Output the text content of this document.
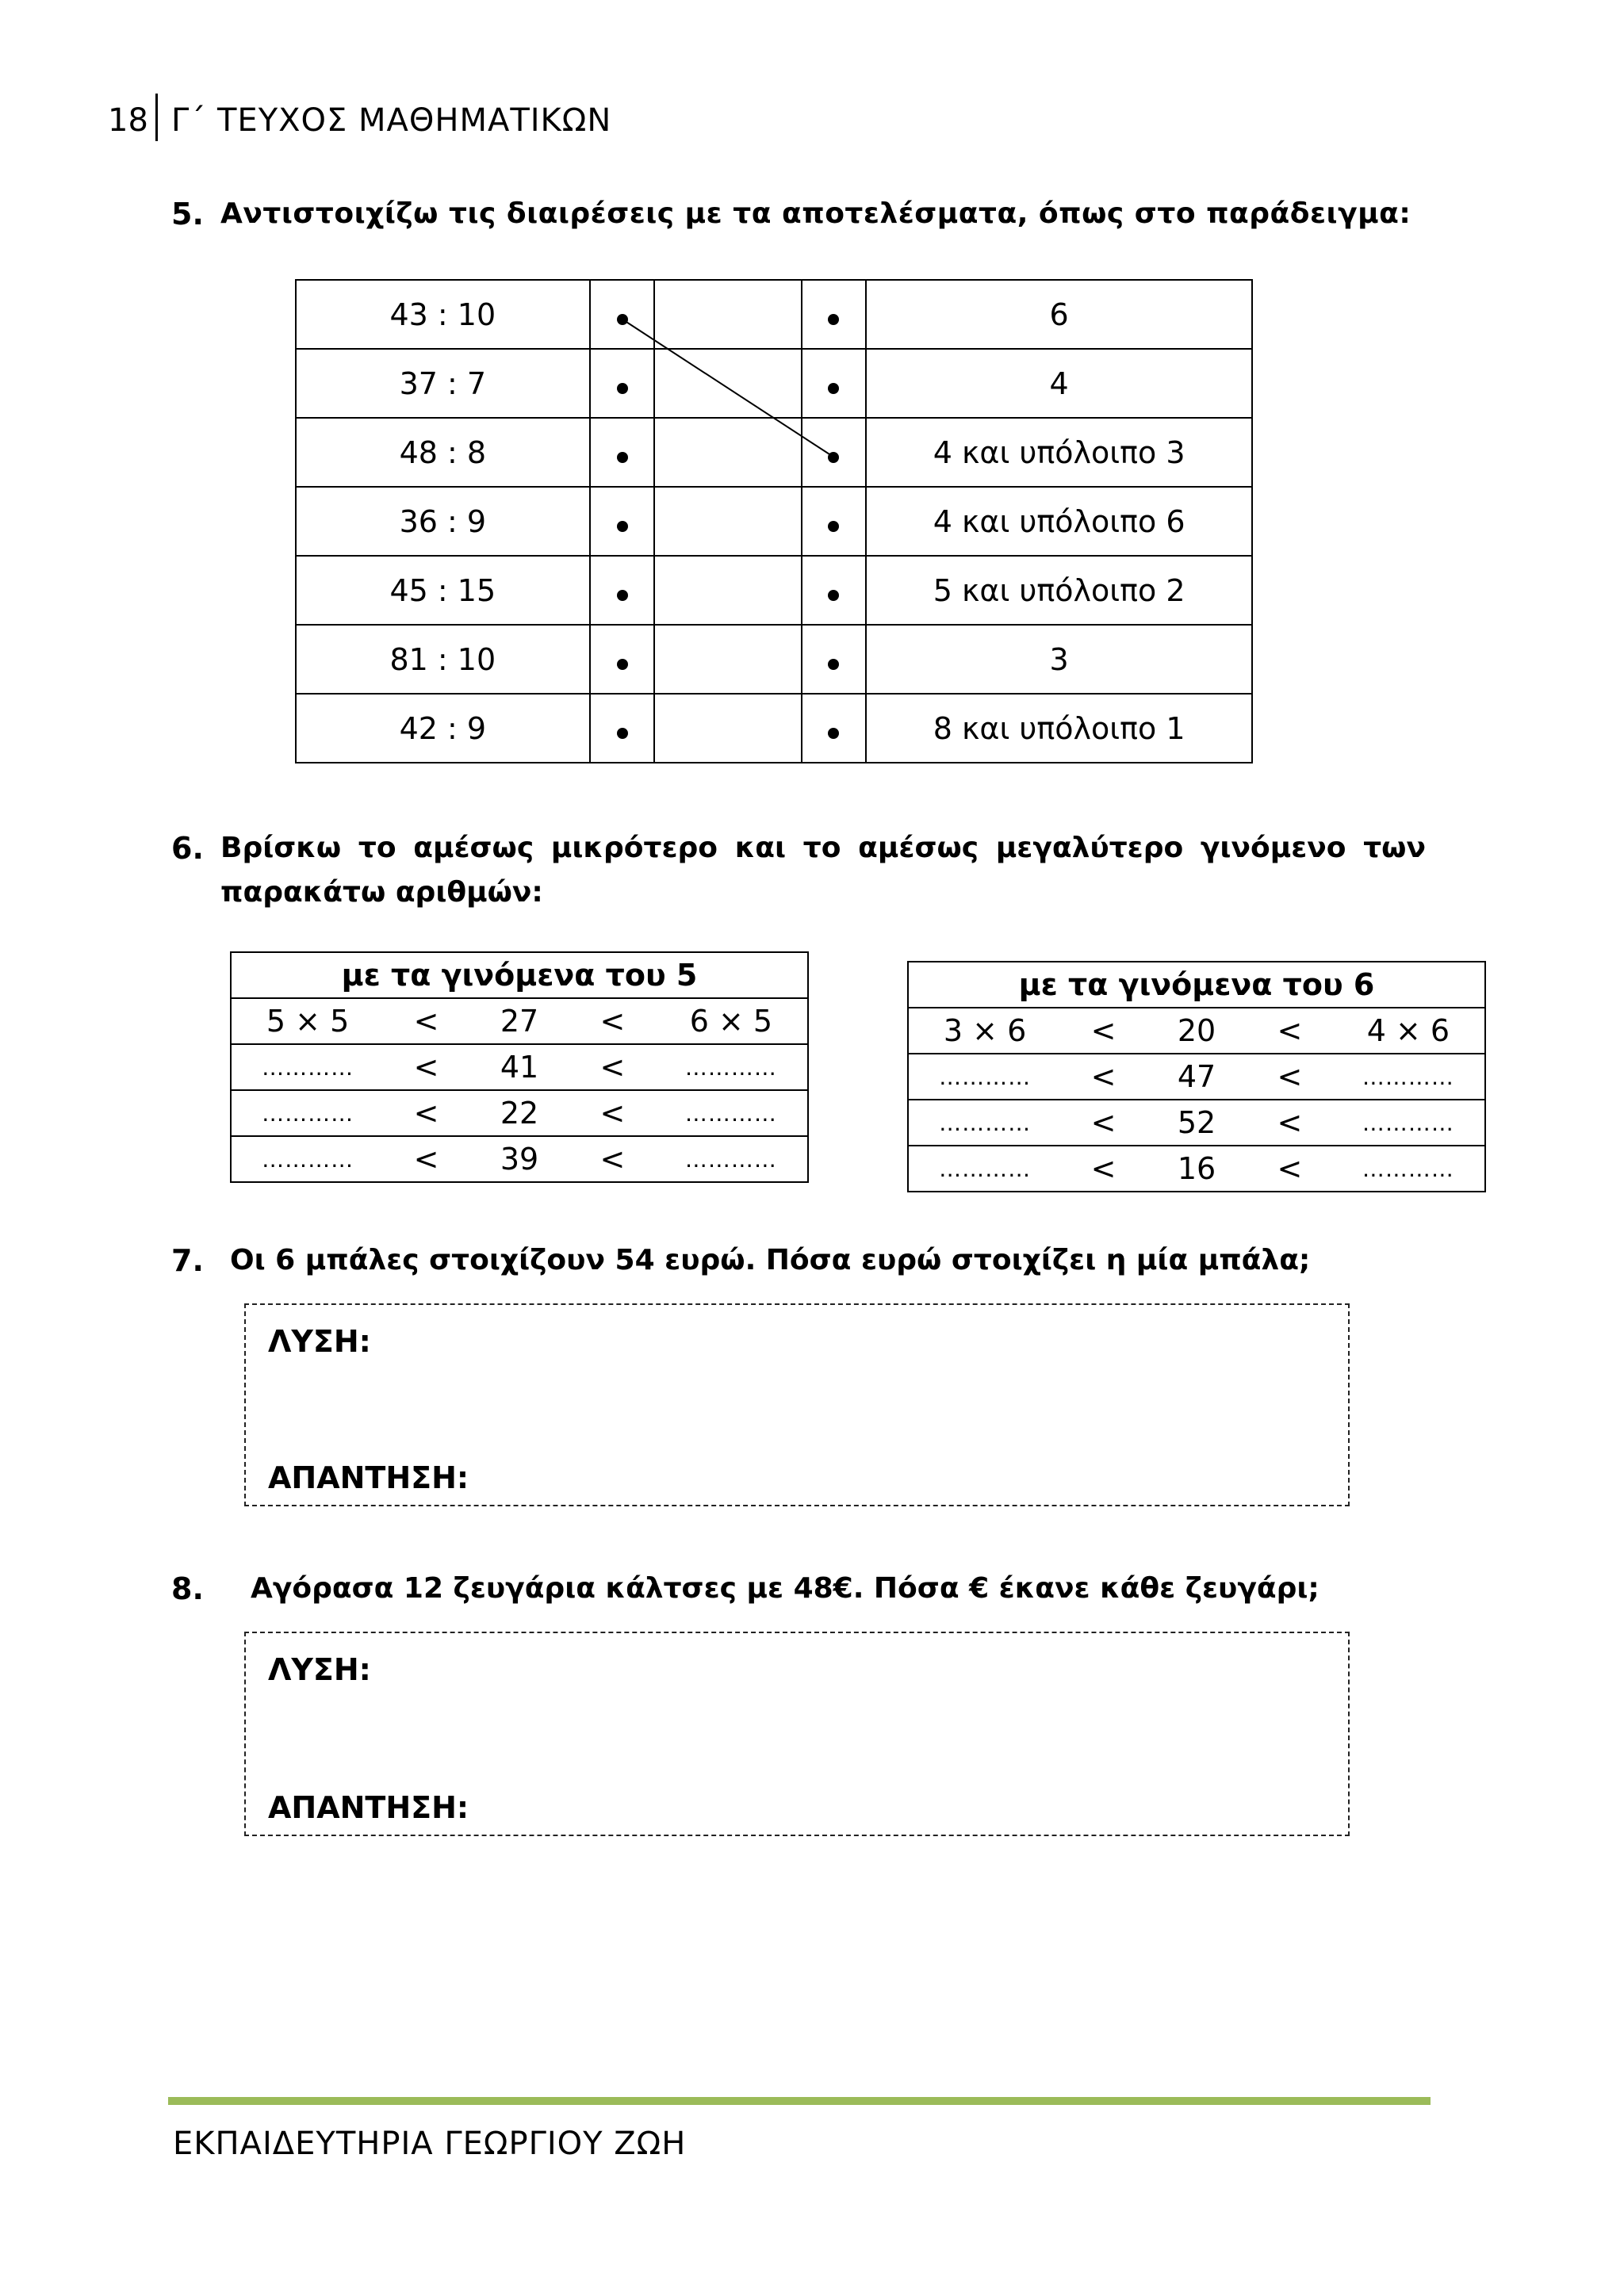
18 Γ΄ ΤΕΥΧΟΣ ΜΑΘΗΜΑΤΙΚΩΝ
5. Αντιστοιχίζω τις διαιρέσεις με τα αποτελέσματα, όπως στο παράδειγμα:
43 : 10				6
37 : 7				4
48 : 8				4 και υπόλοιπο 3
36 : 9				4 και υπόλοιπο 6
45 : 15				5 και υπόλοιπο 2
81 : 10				3
42 : 9				8 και υπόλοιπο 1
6. Βρίσκω το αμέσως μικρότερο και το αμέσως μεγαλύτερο γινόμενο των
παρακάτω αριθμών:
με τα γινόμενα του 5

5 × 5	<	27	<	6 × 5

…………	<	41	<	…………

…………	<	22	<	…………

…………	<	39	<	…………
με τα γινόμενα του 6

3 × 6	<	20	<	4 × 6

…………	<	47	<	…………

…………	<	52	<	…………

…………	<	16	<	…………
7. Οι 6 μπάλες στοιχίζουν 54 ευρώ. Πόσα ευρώ στοιχίζει η μία μπάλα;
ΛΥΣΗ:
ΑΠΑΝΤΗΣΗ:
8. Αγόρασα 12 ζευγάρια κάλτσες με 48€. Πόσα € έκανε κάθε ζευγάρι;
ΛΥΣΗ:
ΑΠΑΝΤΗΣΗ:
ΕΚΠΑΙΔΕΥΤΗΡΙΑ ΓΕΩΡΓΙΟΥ ΖΩΗ
